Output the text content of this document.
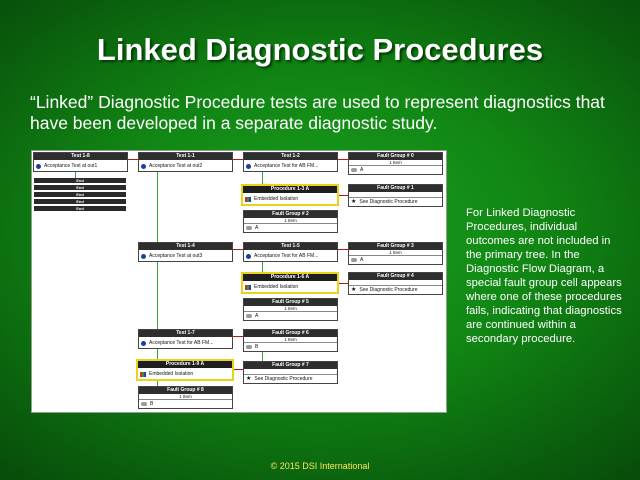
Linked Diagnostic Procedures
“Linked” Diagnostic Procedure tests are used to represent diagnostics that have been developed in a separate diagnostic study.
Test 1-8
Acceptance Test at out1
End
End
End
End
End
Test 1-1
Acceptance Test at out2
Test 1-4
Acceptance Test at out3
Test 1-7
Acceptance Test for AB FM...
Procedure 1-9 A
Embedded Isolation
Fault Group # 8
1 Item
B
Test 1-2
Acceptance Test for AB FM...
Procedure 1-3 A
Embedded Isolation
Fault Group # 2
1 Item
A
Test 1-5
Acceptance Test for AB FM...
Procedure 1-6 A
Embedded Isolation
Fault Group # 5
1 Item
A
Fault Group # 6
1 Item
B
Fault Group # 7
★ See Diagnostic Procedure
Fault Group # 0
1 Item
A
Fault Group # 1
★ See Diagnostic Procedure
Fault Group # 3
1 Item
A
Fault Group # 4
★ See Diagnostic Procedure
For Linked Diagnostic Procedures, individual outcomes are not included in the primary tree. In the Diagnostic Flow Diagram, a special fault group cell appears where one of these procedures fails, indicating that diagnostics are continued within a secondary procedure.
© 2015 DSI International
